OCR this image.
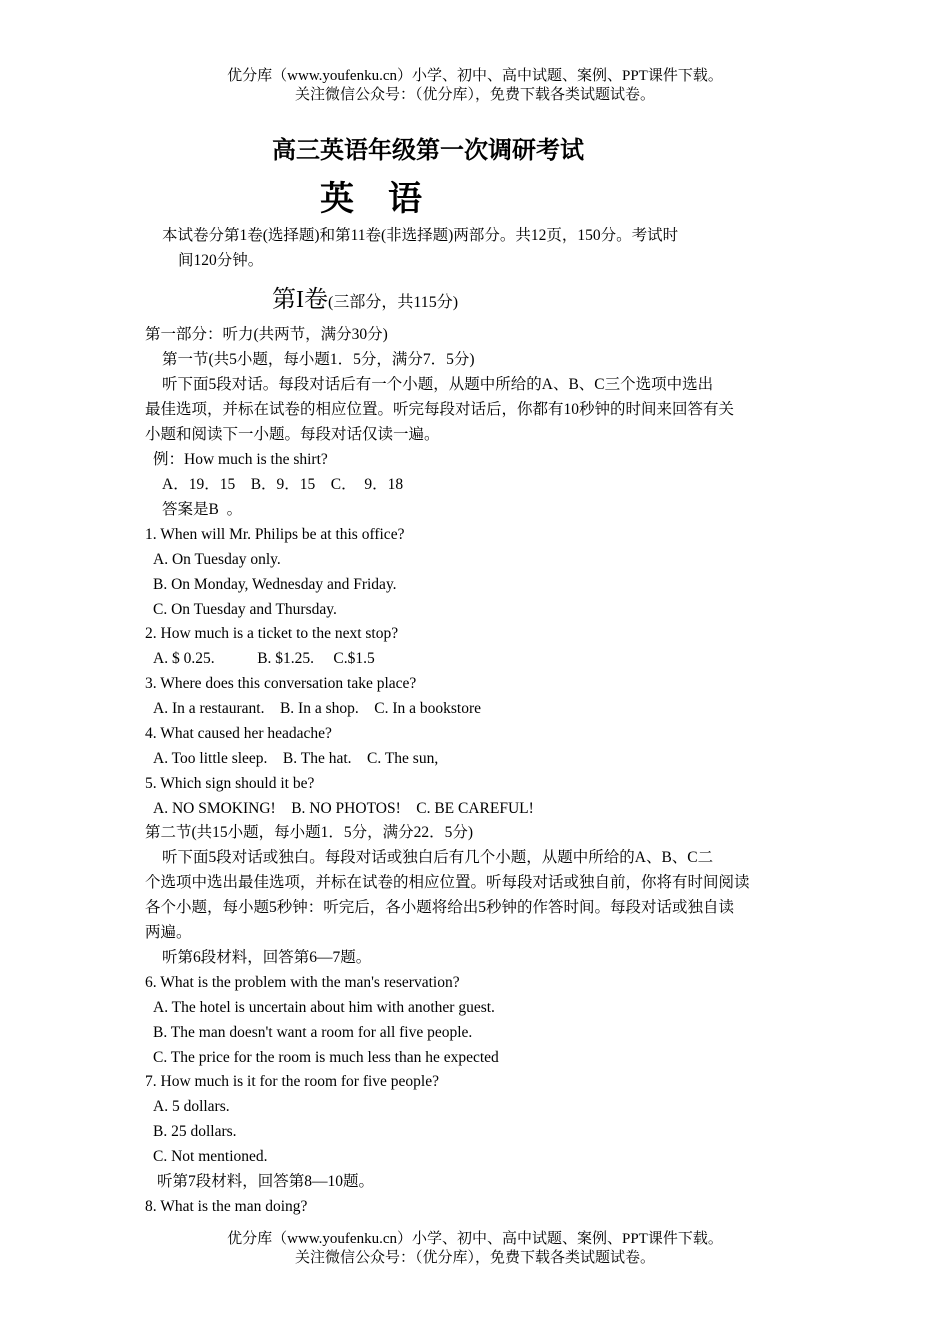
优分库（www.youfenku.cn）小学、初中、高中试题、案例、PPT课件下载。
关注微信公众号：（优分库），免费下载各类试题试卷。
高三英语年级第一次调研考试
英    语
本试卷分第1卷(选择题)和第11卷(非选择题)两部分。共12页，150分。考试时
间120分钟。
第I卷(三部分，共115分)
第一部分：听力(共两节，满分30分)
第一节(共5小题，每小题1．5分，满分7．5分)
听下面5段对话。每段对话后有一个小题，从题中所给的A、B、C三个选项中选出
最佳选项，并标在试卷的相应位置。听完每段对话后，你都有10秒钟的时间来回答有关
小题和阅读下一小题。每段对话仅读一遍。
例：How much is the shirt?
A．19．15    B．9．15    C．  9．18
答案是B  。
1. When will Mr. Philips be at this office?
A. On Tuesday only.
B. On Monday, Wednesday and Friday.
C. On Tuesday and Thursday.
2. How much is a ticket to the next stop?
A. $ 0.25.           B. $1.25.     C.$1.5
3. Where does this conversation take place?
A. In a restaurant.    B. In a shop.    C. In a bookstore
4. What caused her headache?
A. Too little sleep.    B. The hat.    C. The sun,
5. Which sign should it be?
A. NO SMOKING!    B. NO PHOTOS!    C. BE CAREFUL!
第二节(共15小题，每小题1．5分，满分22．5分)
听下面5段对话或独白。每段对话或独白后有几个小题，从题中所给的A、B、C二
个选项中选出最佳选项，并标在试卷的相应位置。听每段对话或独自前，你将有时间阅读
各个小题，每小题5秒钟：听完后，各小题将给出5秒钟的作答时间。每段对话或独自读
两遍。
听第6段材料，回答第6—7题。
6. What is the problem with the man's reservation?
A. The hotel is uncertain about him with another guest.
B. The man doesn't want a room for all five people.
C. The price for the room is much less than he expected
7. How much is it for the room for five people?
A. 5 dollars.
B. 25 dollars.
C. Not mentioned.
听第7段材料，回答第8—10题。
8. What is the man doing?
优分库（www.youfenku.cn）小学、初中、高中试题、案例、PPT课件下载。
关注微信公众号：（优分库），免费下载各类试题试卷。
